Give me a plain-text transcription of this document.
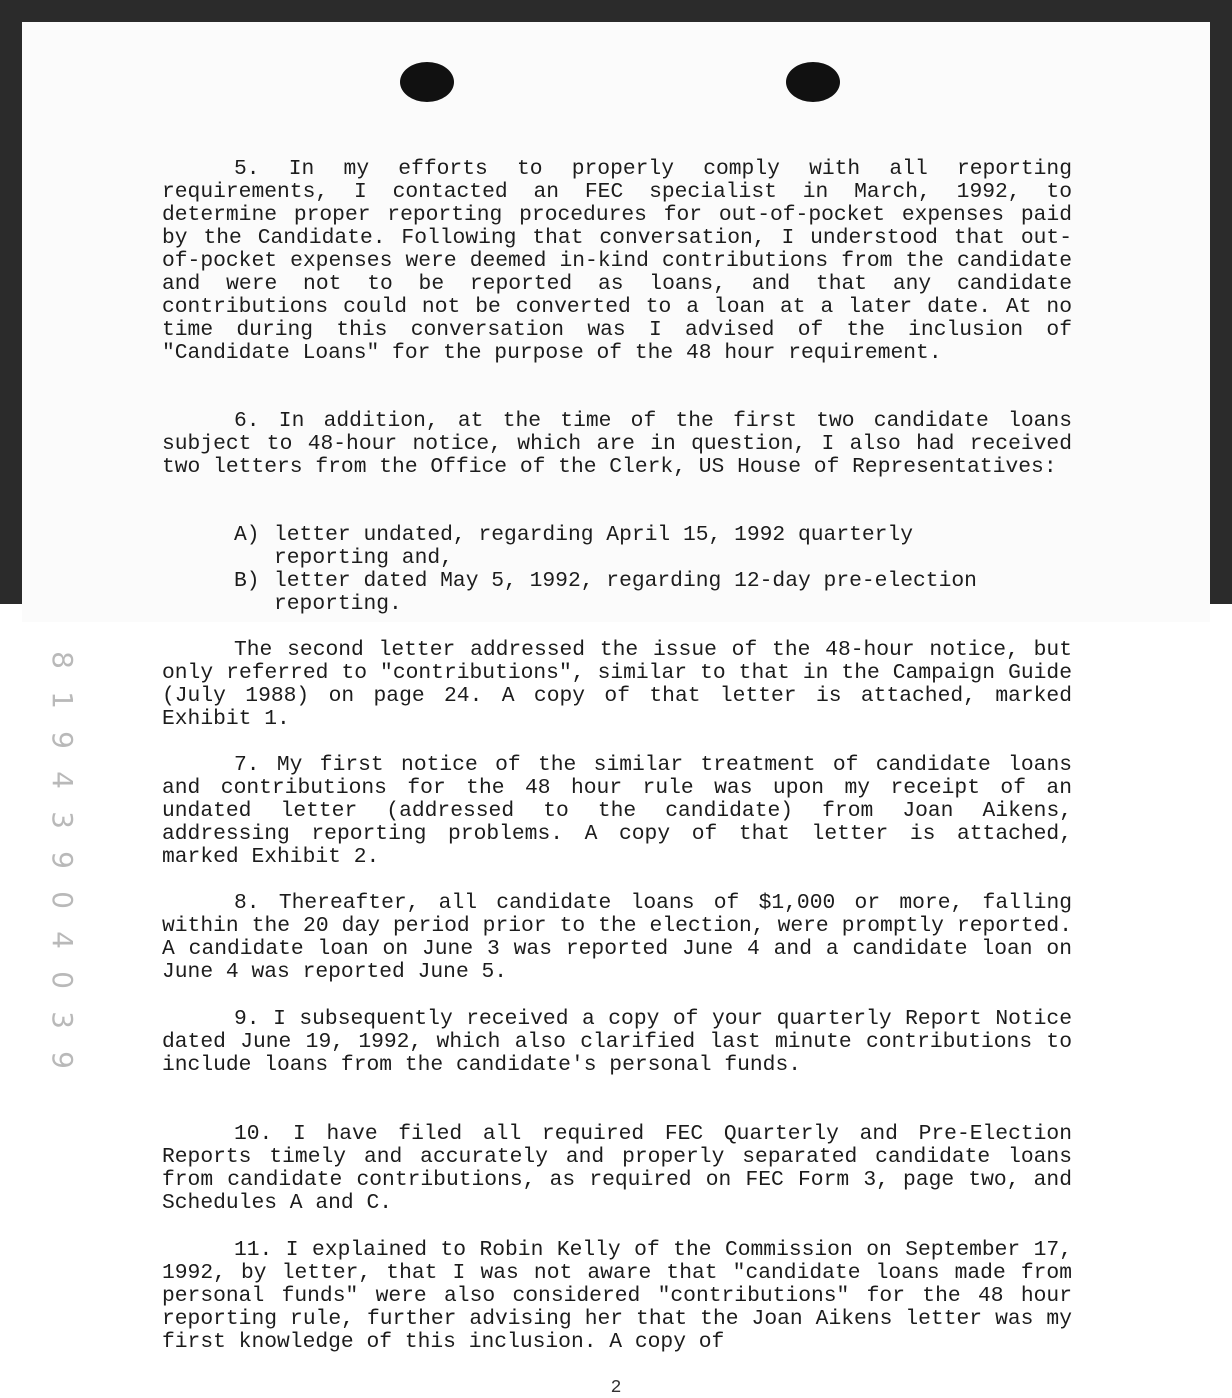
8
1
9
4
3
9
0
4
0
3
9
5. In my efforts to properly comply with all reporting requirements, I contacted an FEC specialist in March, 1992, to determine proper reporting procedures for out-of-pocket expenses paid by the Candidate. Following that conversation, I understood that out-of-pocket expenses were deemed in-kind contributions from the candidate and were not to be reported as loans, and that any candidate contributions could not be converted to a loan at a later date. At no time during this conversation was I advised of the inclusion of "Candidate Loans" for the purpose of the 48 hour requirement.
6. In addition, at the time of the first two candidate loans subject to 48-hour notice, which are in question, I also had received two letters from the Office of the Clerk, US House of Representatives:
A) letter undated, regarding April 15, 1992 quarterly
reporting and,
B) letter dated May 5, 1992, regarding 12-day pre-election
reporting.
The second letter addressed the issue of the 48-hour notice, but only referred to "contributions", similar to that in the Campaign Guide (July 1988) on page 24. A copy of that letter is attached, marked Exhibit 1.
7. My first notice of the similar treatment of candidate loans and contributions for the 48 hour rule was upon my receipt of an undated letter (addressed to the candidate) from Joan Aikens, addressing reporting problems. A copy of that letter is attached, marked Exhibit 2.
8. Thereafter, all candidate loans of $1,000 or more, falling within the 20 day period prior to the election, were promptly reported. A candidate loan on June 3 was reported June 4 and a candidate loan on June 4 was reported June 5.
9. I subsequently received a copy of your quarterly Report Notice dated June 19, 1992, which also clarified last minute contributions to include loans from the candidate's personal funds.
10. I have filed all required FEC Quarterly and Pre-Election Reports timely and accurately and properly separated candidate loans from candidate contributions, as required on FEC Form 3, page two, and Schedules A and C.
11. I explained to Robin Kelly of the Commission on September 17, 1992, by letter, that I was not aware that "candidate loans made from personal funds" were also considered "contributions" for the 48 hour reporting rule, further advising her that the Joan Aikens letter was my first knowledge of this inclusion. A copy of
2
